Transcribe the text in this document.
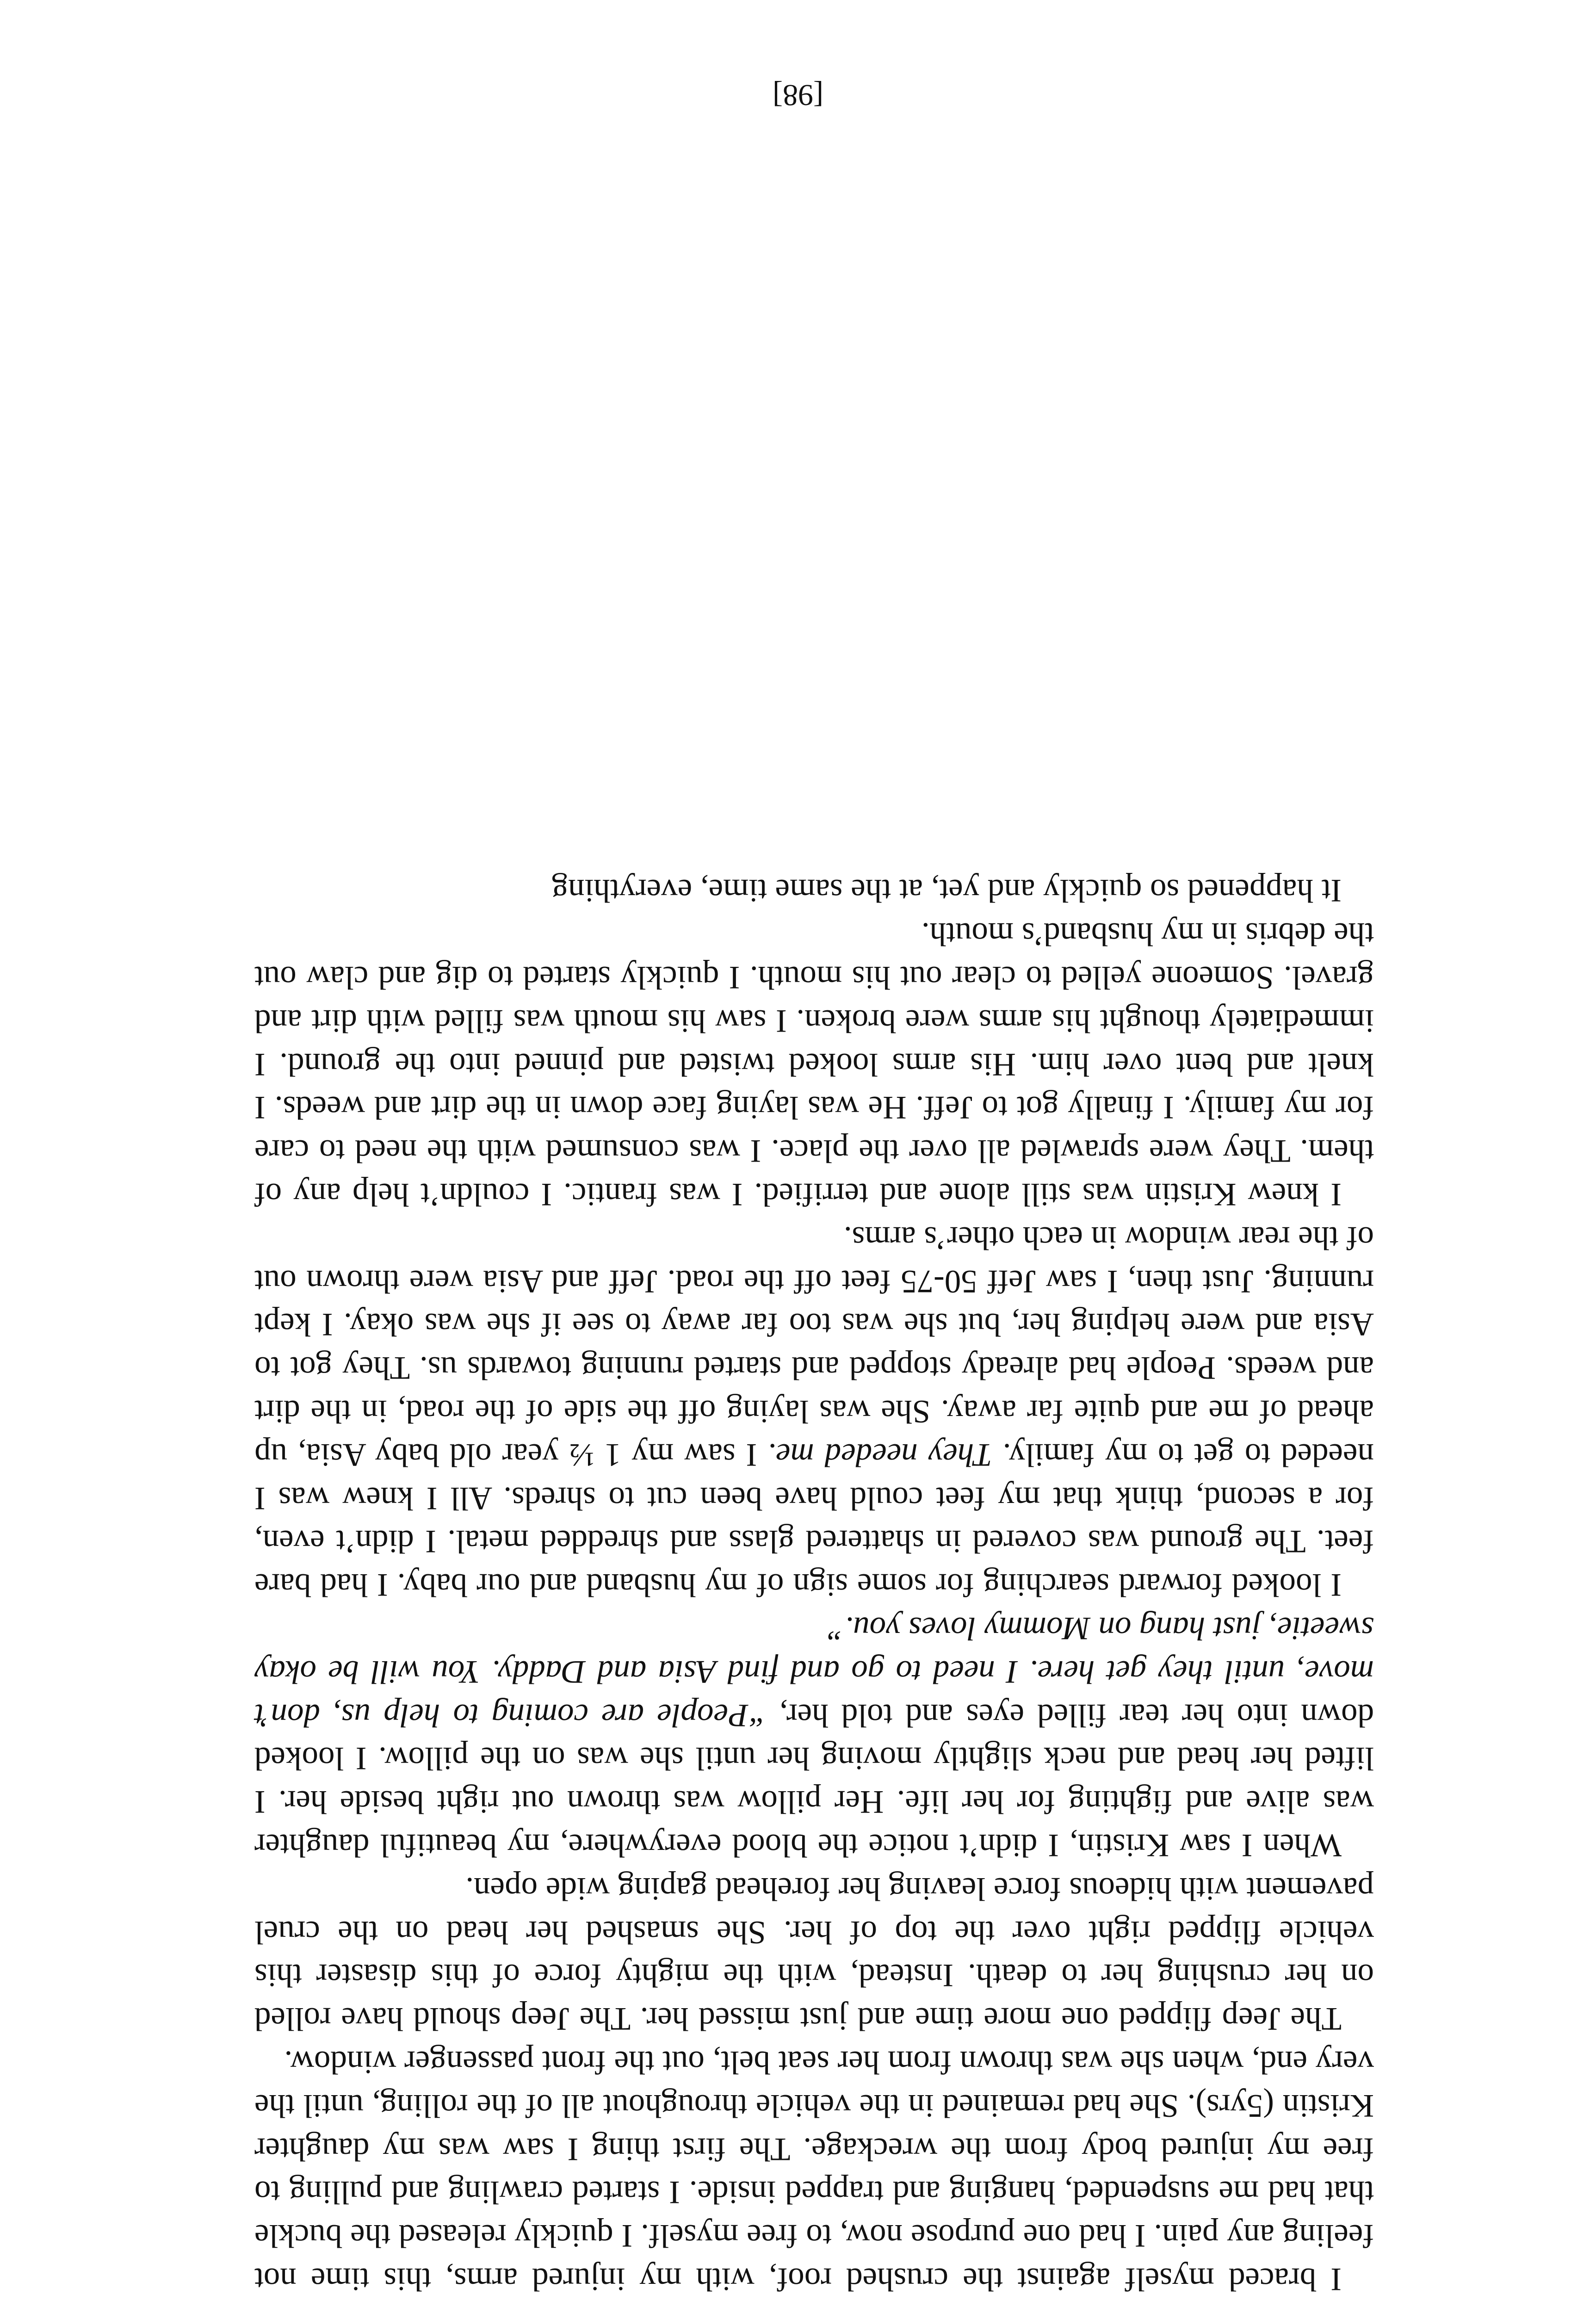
I braced myself against the crushed roof, with my injured arms, this time not feeling any pain. I had one purpose now, to free myself. I quickly released the buckle that had me suspended, hanging and trapped inside. I started crawling and pulling to free my injured body from the wreckage. The first thing I saw was my daughter Kristin (5yrs). She had remained in the vehicle throughout all of the rolling, until the very end, when she was thrown from her seat belt, out the front passenger window.

The Jeep flipped one more time and just missed her. The Jeep should have rolled on her crushing her to death. Instead, with the mighty force of this disaster this vehicle flipped right over the top of her. She smashed her head on the cruel pavement with hideous force leaving her forehead gaping wide open.

When I saw Kristin, I didn’t notice the blood everywhere, my beautiful daughter was alive and fighting for her life. Her pillow was thrown out right beside her. I lifted her head and neck slightly moving her until she was on the pillow. I looked down into her tear filled eyes and told her, “People are coming to help us, don’t move, until they get here. I need to go and find Asia and Daddy. You will be okay sweetie, just hang on Mommy loves you.”

I looked forward searching for some sign of my husband and our baby. I had bare feet. The ground was covered in shattered glass and shredded metal. I didn’t even, for a second, think that my feet could have been cut to shreds. All I knew was I needed to get to my family. They needed me. I saw my 1 ½ year old baby Asia, up ahead of me and quite far away. She was laying off the side of the road, in the dirt and weeds. People had already stopped and started running towards us. They got to Asia and were helping her, but she was too far away to see if she was okay. I kept running. Just then, I saw Jeff 50-75 feet off the road. Jeff and Asia were thrown out of the rear window in each other’s arms.

I knew Kristin was still alone and terrified. I was frantic. I couldn’t help any of them. They were sprawled all over the place. I was consumed with the need to care for my family. I finally got to Jeff. He was laying face down in the dirt and weeds. I knelt and bent over him. His arms looked twisted and pinned into the ground. I immediately thought his arms were broken. I saw his mouth was filled with dirt and gravel. Someone yelled to clear out his mouth. I quickly started to dig and claw out the debris in my husband’s mouth.

It happened so quickly and yet, at the same time, everything

[98]
